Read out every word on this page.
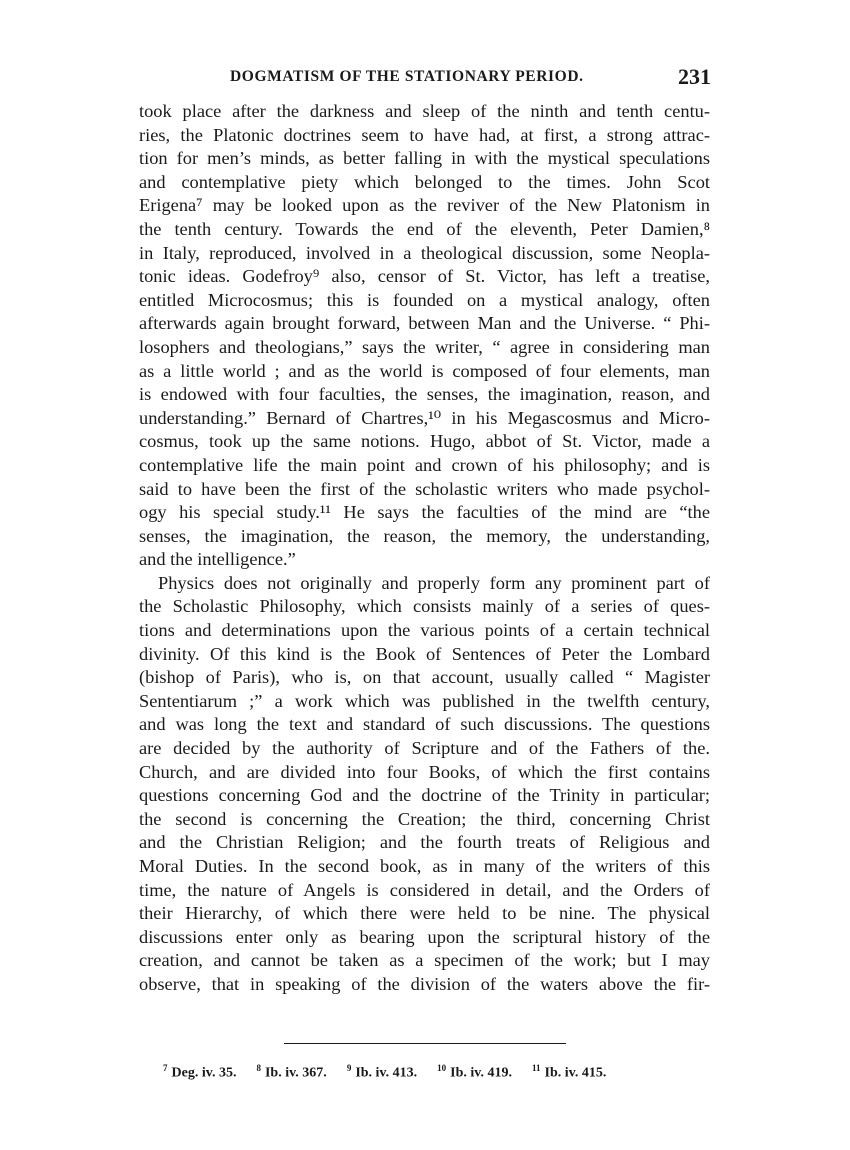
DOGMATISM OF THE STATIONARY PERIOD.	231
took place after the darkness and sleep of the ninth and tenth centu-
ries, the Platonic doctrines seem to have had, at first, a strong attrac-
tion for men’s minds, as better falling in with the mystical speculations
and contemplative piety which belonged to the times. John Scot
Erigena⁷ may be looked upon as the reviver of the New Platonism in
the tenth century. Towards the end of the eleventh, Peter Damien,⁸
in Italy, reproduced, involved in a theological discussion, some Neopla-
tonic ideas. Godefroy⁹ also, censor of St. Victor, has left a treatise,
entitled Microcosmus; this is founded on a mystical analogy, often
afterwards again brought forward, between Man and the Universe. “ Phi-
losophers and theologians,” says the writer, “ agree in considering man
as a little world ; and as the world is composed of four elements, man
is endowed with four faculties, the senses, the imagination, reason, and
understanding.” Bernard of Chartres,¹⁰ in his Megascosmus and Micro-
cosmus, took up the same notions. Hugo, abbot of St. Victor, made a
contemplative life the main point and crown of his philosophy; and is
said to have been the first of the scholastic writers who made psychol-
ogy his special study.¹¹ He says the faculties of the mind are “the
senses, the imagination, the reason, the memory, the understanding,
and the intelligence.”
Physics does not originally and properly form any prominent part of
the Scholastic Philosophy, which consists mainly of a series of ques-
tions and determinations upon the various points of a certain technical
divinity. Of this kind is the Book of Sentences of Peter the Lombard
(bishop of Paris), who is, on that account, usually called “ Magister
Sententiarum ;” a work which was published in the twelfth century,
and was long the text and standard of such discussions. The questions
are decided by the authority of Scripture and of the Fathers of the.
Church, and are divided into four Books, of which the first contains
questions concerning God and the doctrine of the Trinity in particular;
the second is concerning the Creation; the third, concerning Christ
and the Christian Religion; and the fourth treats of Religious and
Moral Duties. In the second book, as in many of the writers of this
time, the nature of Angels is considered in detail, and the Orders of
their Hierarchy, of which there were held to be nine. The physical
discussions enter only as bearing upon the scriptural history of the
creation, and cannot be taken as a specimen of the work; but I may
observe, that in speaking of the division of the waters above the fir-
$^7$ Deg. iv. 35. $^8$ Ib. iv. 367. $^9$ Ib. iv. 413. $^{10}$ Ib. iv. 419. $^{11}$ Ib. iv. 415.
